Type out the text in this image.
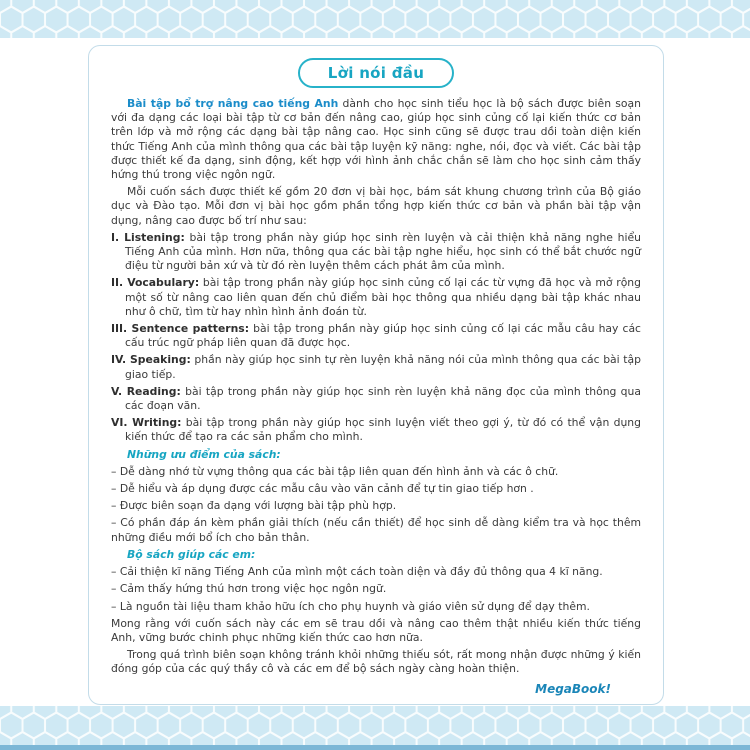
Lời nói đầu

Bài tập bổ trợ nâng cao tiếng Anh dành cho học sinh tiểu học là bộ sách được biên soạn với đa dạng các loại bài tập từ cơ bản đến nâng cao, giúp học sinh củng cố lại kiến thức cơ bản trên lớp và mở rộng các dạng bài tập nâng cao. Học sinh cũng sẽ được trau dồi toàn diện kiến thức Tiếng Anh của mình thông qua các bài tập luyện kỹ năng: nghe, nói, đọc và viết. Các bài tập được thiết kế đa dạng, sinh động, kết hợp với hình ảnh chắc chắn sẽ làm cho học sinh cảm thấy hứng thú trong việc ngôn ngữ.

Mỗi cuốn sách được thiết kế gồm 20 đơn vị bài học, bám sát khung chương trình của Bộ giáo dục và Đào tạo. Mỗi đơn vị bài học gồm phần tổng hợp kiến thức cơ bản và phần bài tập vận dụng, nâng cao được bố trí như sau:

I. Listening: bài tập trong phần này giúp học sinh rèn luyện và cải thiện khả năng nghe hiểu Tiếng Anh của mình. Hơn nữa, thông qua các bài tập nghe hiểu, học sinh có thể bắt chước ngữ điệu từ người bản xứ và từ đó rèn luyện thêm cách phát âm của mình.

II. Vocabulary: bài tập trong phần này giúp học sinh củng cố lại các từ vựng đã học và mở rộng một số từ nâng cao liên quan đến chủ điểm bài học thông qua nhiều dạng bài tập khác nhau như ô chữ, tìm từ hay nhìn hình ảnh đoán từ.

III. Sentence patterns: bài tập trong phần này giúp học sinh củng cố lại các mẫu câu hay các cấu trúc ngữ pháp liên quan đã được học.

IV. Speaking: phần này giúp học sinh tự rèn luyện khả năng nói của mình thông qua các bài tập giao tiếp.

V. Reading: bài tập trong phần này giúp học sinh rèn luyện khả năng đọc của mình thông qua các đoạn văn.

VI. Writing: bài tập trong phần này giúp học sinh luyện viết theo gợi ý, từ đó có thể vận dụng kiến thức để tạo ra các sản phẩm cho mình.

Những ưu điểm của sách:

– Dễ dàng nhớ từ vựng thông qua các bài tập liên quan đến hình ảnh và các ô chữ.

– Dễ hiểu và áp dụng được các mẫu câu vào văn cảnh để tự tin giao tiếp hơn .

– Được biên soạn đa dạng với lượng bài tập phù hợp.

– Có phần đáp án kèm phần giải thích (nếu cần thiết) để học sinh dễ dàng kiểm tra và học thêm những điều mới bổ ích cho bản thân.

Bộ sách giúp các em:

– Cải thiện kĩ năng Tiếng Anh của mình một cách toàn diện và đầy đủ thông qua 4 kĩ năng.

– Cảm thấy hứng thú hơn trong việc học ngôn ngữ.

– Là nguồn tài liệu tham khảo hữu ích cho phụ huynh và giáo viên sử dụng để dạy thêm.

Mong rằng với cuốn sách này các em sẽ trau dồi và nâng cao thêm thật nhiều kiến thức tiếng Anh, vững bước chinh phục những kiến thức cao hơn nữa.

Trong quá trình biên soạn không tránh khỏi những thiếu sót, rất mong nhận được những ý kiến đóng góp của các quý thầy cô và các em để bộ sách ngày càng hoàn thiện.

MegaBook!
